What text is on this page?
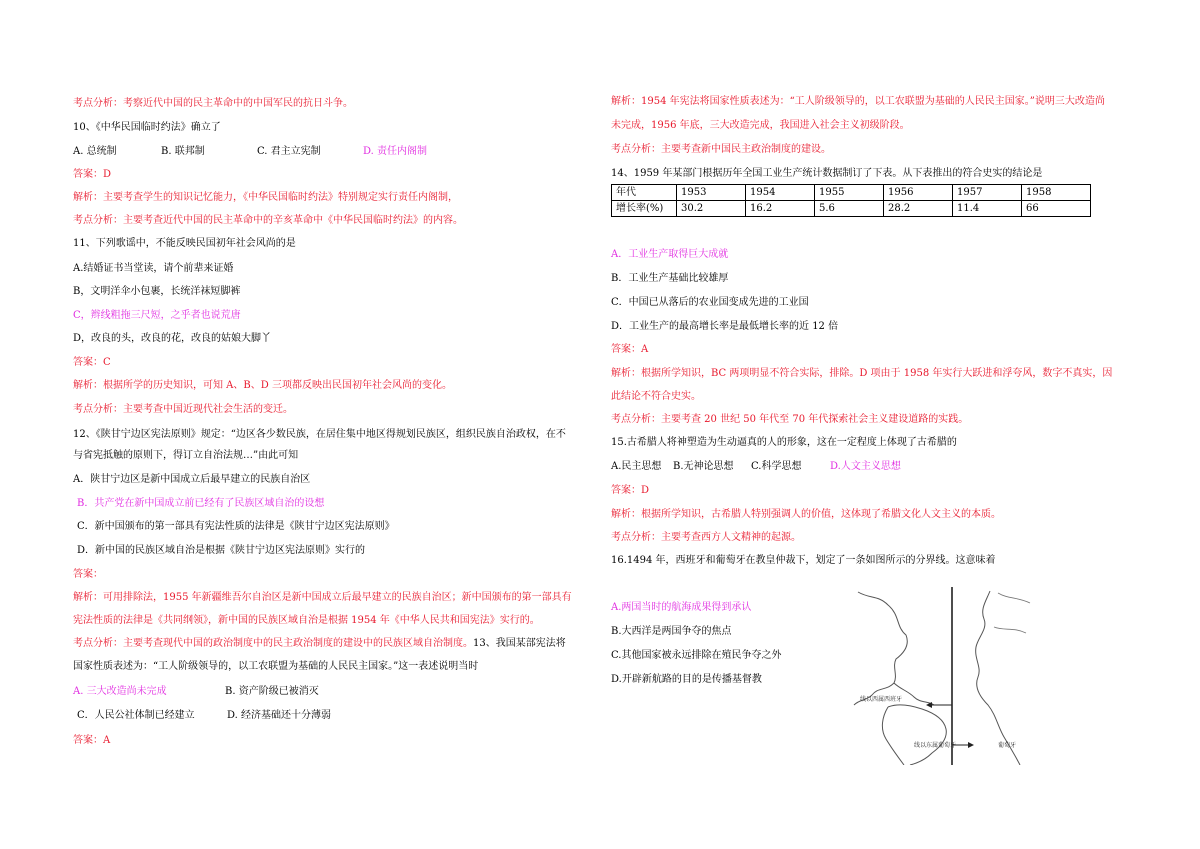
考点分析：考察近代中国的民主革命中的中国军民的抗日斗争。
10、《中华民国临时约法》确立了
A. 总统制	B. 联邦制	C. 君主立宪制	D. 责任内阁制
答案：D
解析：主要考查学生的知识记忆能力，《中华民国临时约法》特别规定实行责任内阁制，
考点分析：主要考查近代中国的民主革命中的辛亥革命中《中华民国临时约法》的内容。
11、下列歌谣中，不能反映民国初年社会风尚的是
A.结婚证书当堂读，请个前辈来证婚
B，文明洋伞小包裹，长统洋袜短脚裤
C，辫线粗拖三尺短，之乎者也说荒唐
D，改良的头，改良的花，改良的姑娘大脚丫
答案：C
解析：根据所学的历史知识，可知 A、B、D 三项都反映出民国初年社会风尚的变化。
考点分析：主要考查中国近现代社会生活的变迁。
12、《陕甘宁边区宪法原则》规定：“边区各少数民族，在居住集中地区得规划民族区，组织民族自治政权，在不
与省宪抵触的原则下，得订立自治法规…”由此可知
A．陕甘宁边区是新中国成立后最早建立的民族自治区
B．共产党在新中国成立前已经有了民族区域自治的设想
C．新中国颁布的第一部具有宪法性质的法律是《陕甘宁边区宪法原则》
D．新中国的民族区域自治是根据《陕甘宁边区宪法原则》实行的
答案：
解析：可用排除法，1955 年新疆维吾尔自治区是新中国成立后最早建立的民族自治区；新中国颁布的第一部具有
宪法性质的法律是《共同纲领》，新中国的民族区域自治是根据 1954 年《中华人民共和国宪法》实行的。
考点分析：主要考查现代中国的政治制度中的民主政治制度的建设中的民族区域自治制度。13、我国某部宪法将
国家性质表述为：“工人阶级领导的，以工农联盟为基础的人民民主国家。”这一表述说明当时
A. 三大改造尚未完成	B. 资产阶级已被消灭
C．人民公社体制已经建立	D. 经济基础还十分薄弱
答案：A
解析：1954 年宪法将国家性质表述为：“工人阶级领导的，以工农联盟为基础的人民民主国家。”说明三大改造尚
未完成，1956 年底，三大改造完成，我国进入社会主义初级阶段。
考点分析：主要考查新中国民主政治制度的建设。
14、1959 年某部门根据历年全国工业生产统计数据制订了下表。从下表推出的符合史实的结论是
年代	1953	1954	1955	1956	1957	1958
增长率(%)	30.2	16.2	5.6	28.2	11.4	66
A．工业生产取得巨大成就
B．工业生产基础比较雄厚
C．中国已从落后的农业国变成先进的工业国
D．工业生产的最高增长率是最低增长率的近 12 倍
答案：A
解析：根据所学知识，BC 两项明显不符合实际，排除。D 项由于 1958 年实行大跃进和浮夸风，数字不真实，因
此结论不符合史实。
考点分析：主要考查 20 世纪 50 年代至 70 年代探索社会主义建设道路的实践。
15.古希腊人将神塑造为生动逼真的人的形象，这在一定程度上体现了古希腊的
A.民主思想 B.无神论思想 C.科学思想	D.人文主义思想
答案：D
解析：根据所学知识，古希腊人特别强调人的价值，这体现了希腊文化人文主义的本质。
考点分析：主要考查西方人文精神的起源。
16.1494 年，西班牙和葡萄牙在教皇仲裁下，划定了一条如图所示的分界线。这意味着
A.两国当时的航海成果得到承认
B.大西洋是两国争夺的焦点
C.其他国家被永远排除在殖民争夺之外
D.开辟新航路的目的是传播基督教
线以西属西班牙
线以东属葡萄牙	葡萄牙
